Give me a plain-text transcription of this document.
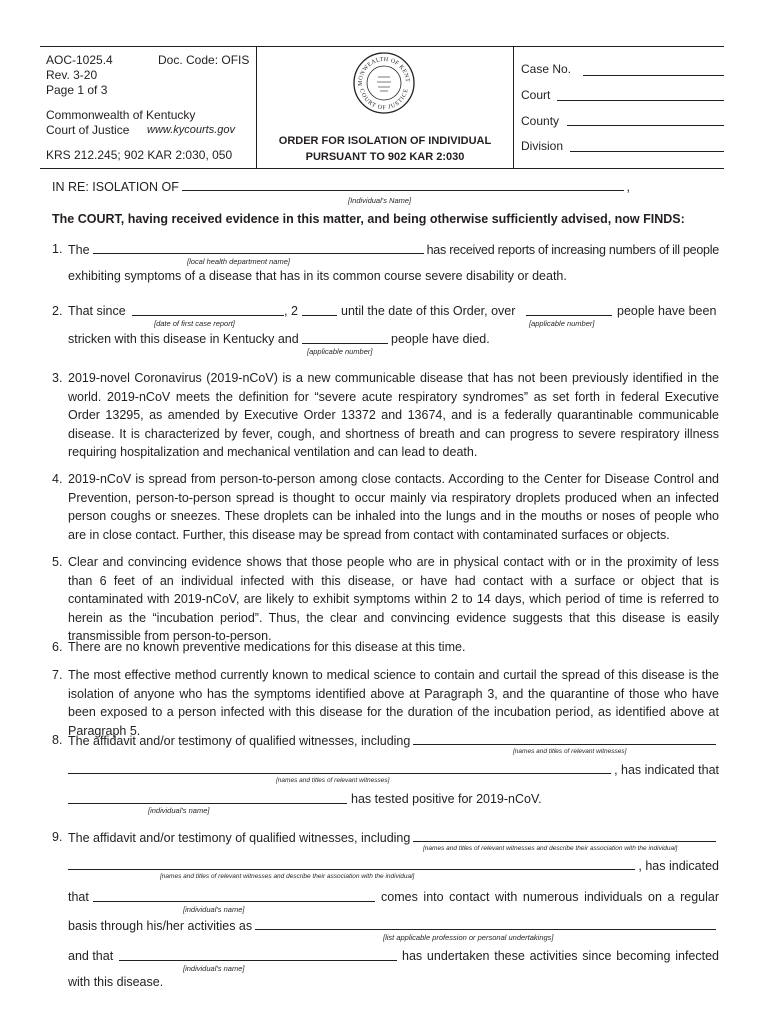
AOC-1025.4	Doc. Code: OFIS
Rev. 3-20
Page 1 of 3
Commonwealth of Kentucky
Court of Justice www.kycourts.gov
KRS 212.245; 902 KAR 2:030, 050
MONWEALTH OF KENT
COURT OF JUSTICE
ORDER FOR ISOLATION OF INDIVIDUAL
PURSUANT TO 902 KAR 2:030
Case No.
Court
County
Division
IN RE: ISOLATION OF	,
[Individual's Name]
The COURT, having received evidence in this matter, and being otherwise sufficiently advised, now FINDS:
1. The	has received reports of increasing numbers of ill people
[local health department name]
exhibiting symptoms of a disease that has in its common course severe disability or death.
2. That since	, 2	until the date of this Order, over	people have been
[date of first case report]	[applicable number]
stricken with this disease in Kentucky and	people have died.
[applicable number]
3. 2019-novel Coronavirus (2019-nCoV) is a new communicable disease that has not been previously identified in the world. 2019-nCoV meets the definition for “severe acute respiratory syndromes” as set forth in federal Executive Order 13295, as amended by Executive Order 13372 and 13674, and is a federally quarantinable communicable disease. It is characterized by fever, cough, and shortness of breath and can progress to severe respiratory illness requiring hospitalization and mechanical ventilation and can lead to death.
4. 2019-nCoV is spread from person-to-person among close contacts. According to the Center for Disease Control and Prevention, person-to-person spread is thought to occur mainly via respiratory droplets produced when an infected person coughs or sneezes. These droplets can be inhaled into the lungs and in the mouths or noses of people who are in close contact. Further, this disease may be spread from contact with contaminated surfaces or objects.
5. Clear and convincing evidence shows that those people who are in physical contact with or in the proximity of less than 6 feet of an individual infected with this disease, or have had contact with a surface or object that is contaminated with 2019-nCoV, are likely to exhibit symptoms within 2 to 14 days, which period of time is referred to herein as the “incubation period”. Thus, the clear and convincing evidence suggests that this disease is easily transmissible from person-to-person.
6. There are no known preventive medications for this disease at this time.
7. The most effective method currently known to medical science to contain and curtail the spread of this disease is the isolation of anyone who has the symptoms identified above at Paragraph 3, and the quarantine of those who have been exposed to a person infected with this disease for the duration of the incubation period, as identified above at Paragraph 5.
8. The affidavit and/or testimony of qualified witnesses, including
[names and titles of relevant witnesses]
, has indicated that
[names and titles of relevant witnesses]
has tested positive for 2019-nCoV.
[individual's name]
9. The affidavit and/or testimony of qualified witnesses, including
[names and titles of relevant witnesses and describe their association with the individual]
, has indicated
[names and titles of relevant witnesses and describe their association with the individual]
that	comes into contact with numerous individuals on a regular
[individual's name]
basis through his/her activities as
[list applicable profession or personal undertakings]
and that	has undertaken these activities since becoming infected
[individual's name]
with this disease.
